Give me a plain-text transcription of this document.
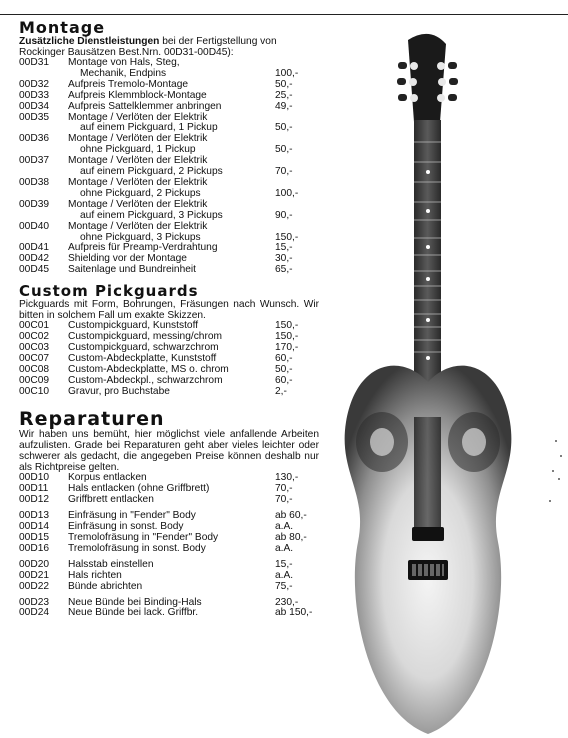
Montage
Zusätzliche Dienstleistungen bei der Fertigstellung von Rockinger Bausätzen Best.Nrn. 00D31-00D45):
00D31	Montage von Hals, Steg,
Mechanik, Endpins	100,-
00D32	Aufpreis Tremolo-Montage	50,-
00D33	Aufpreis Klemmblock-Montage	25,-
00D34	Aufpreis Sattelklemmer anbringen	49,-
00D35	Montage / Verlöten der Elektrik
auf einem Pickguard, 1 Pickup	50,-
00D36	Montage / Verlöten der Elektrik
ohne Pickguard, 1 Pickup	50,-
00D37	Montage / Verlöten der Elektrik
auf einem Pickguard, 2 Pickups	70,-
00D38	Montage / Verlöten der Elektrik
ohne Pickguard, 2 Pickups	100,-
00D39	Montage / Verlöten der Elektrik
auf einem Pickguard, 3 Pickups	90,-
00D40	Montage / Verlöten der Elektrik
ohne Pickguard, 3 Pickups	150,-
00D41	Aufpreis für Preamp-Verdrahtung	15,-
00D42	Shielding vor der Montage	30,-
00D45	Saitenlage und Bundreinheit	65,-
Custom Pickguards
Pickguards mit Form, Bohrungen, Fräsungen nach Wunsch. Wir bitten in solchem Fall um exakte Skizzen.
00C01	Custompickguard, Kunststoff	150,-
00C02	Custompickguard, messing/chrom	150,-
00C03	Custompickguard, schwarzchrom	170,-
00C07	Custom-Abdeckplatte, Kunststoff	60,-
00C08	Custom-Abdeckplatte, MS o. chrom	50,-
00C09	Custom-Abdeckpl., schwarzchrom	60,-
00C10	Gravur, pro Buchstabe	2,-
Reparaturen
Wir haben uns bemüht, hier möglichst viele anfallende Arbeiten aufzulisten. Grade bei Reparaturen geht aber vieles leichter oder schwerer als gedacht, die angegeben Preise können deshalb nur als Richtpreise gelten.
00D10	Korpus entlacken	130,-
00D11	Hals entlacken (ohne Griffbrett)	70,-
00D12	Griffbrett entlacken	70,-
00D13	Einfräsung in "Fender" Body	ab 60,-
00D14	Einfräsung in sonst. Body	a.A.
00D15	Tremolofräsung in "Fender" Body	ab 80,-
00D16	Tremolofräsung in sonst. Body	a.A.
00D20	Halsstab einstellen	15,-
00D21	Hals richten	a.A.
00D22	Bünde abrichten	75,-
00D23	Neue Bünde bei Binding-Hals	230,-
00D24	Neue Bünde bei lack. Griffbr.	ab 150,-
